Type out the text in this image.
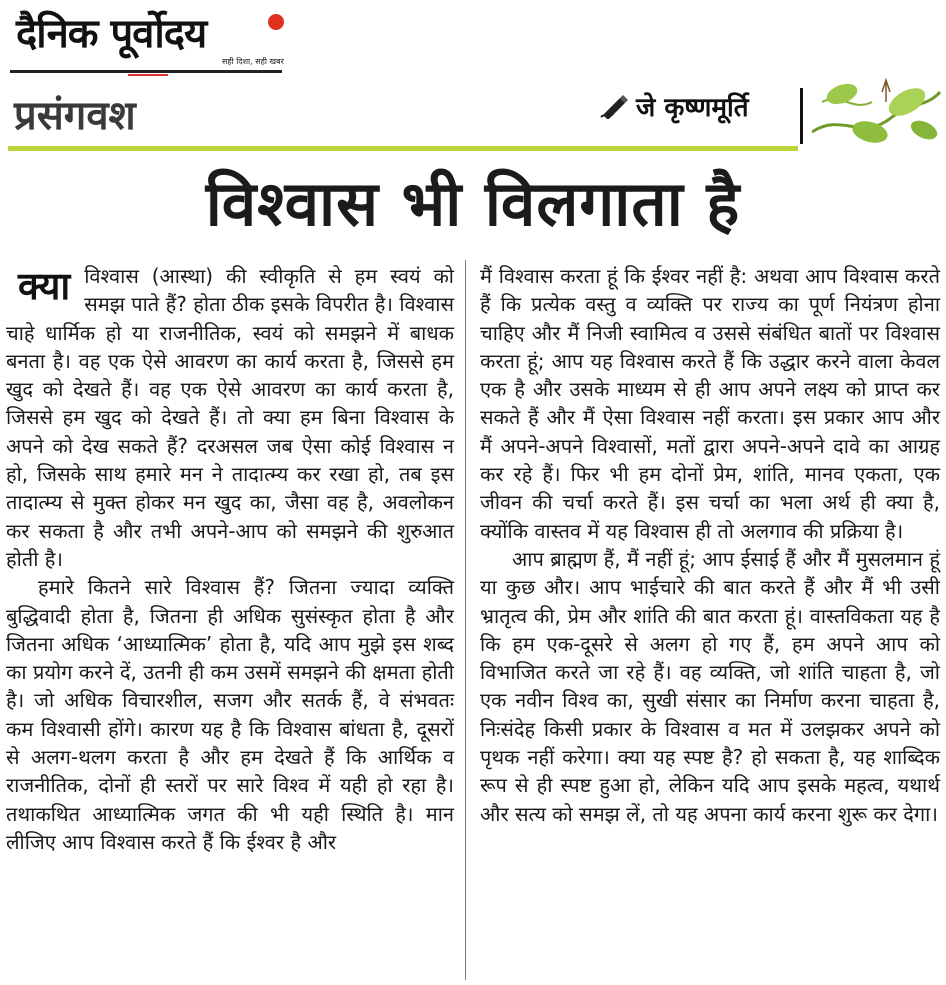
दैनिक पूर्वोदय
सही दिशा, सही खबर
प्रसंगवश	जे कृष्णमूर्ति
विश्वास भी विलगाता है
क्या विश्वास (आस्था) की स्वीकृति से हम स्वयं को समझ पाते हैं? होता ठीक इसके विपरीत है। विश्वास चाहे धार्मिक हो या राजनीतिक, स्वयं को समझने में बाधक बनता है। वह एक ऐसे आवरण का कार्य करता है, जिससे हम खुद को देखते हैं। वह एक ऐसे आवरण का कार्य करता है, जिससे हम खुद को देखते हैं। तो क्या हम बिना विश्वास के अपने को देख सकते हैं? दरअसल जब ऐसा कोई विश्वास न हो, जिसके साथ हमारे मन ने तादात्म्य कर रखा हो, तब इस तादात्म्य से मुक्त होकर मन खुद का, जैसा वह है, अवलोकन कर सकता है और तभी अपने-आप को समझने की शुरुआत होती है।

हमारे कितने सारे विश्वास हैं? जितना ज्यादा व्यक्ति बुद्धिवादी होता है, जितना ही अधिक सुसंस्कृत होता है और जितना अधिक ‘आध्यात्मिक’ होता है, यदि आप मुझे इस शब्द का प्रयोग करने दें, उतनी ही कम उसमें समझने की क्षमता होती है। जो अधिक विचारशील, सजग और सतर्क हैं, वे संभवतः कम विश्वासी होंगे। कारण यह है कि विश्वास बांधता है, दूसरों से अलग-थलग करता है और हम देखते हैं कि आर्थिक व राजनीतिक, दोनों ही स्तरों पर सारे विश्व में यही हो रहा है। तथाकथित आध्यात्मिक जगत की भी यही स्थिति है। मान लीजिए आप विश्वास करते हैं कि ईश्वर है और

मैं विश्वास करता हूं कि ईश्वर नहीं है: अथवा आप विश्वास करते हैं कि प्रत्येक वस्तु व व्यक्ति पर राज्य का पूर्ण नियंत्रण होना चाहिए और मैं निजी स्वामित्व व उससे संबंधित बातों पर विश्वास करता हूं; आप यह विश्वास करते हैं कि उद्धार करने वाला केवल एक है और उसके माध्यम से ही आप अपने लक्ष्य को प्राप्त कर सकते हैं और मैं ऐसा विश्वास नहीं करता। इस प्रकार आप और मैं अपने-अपने विश्वासों, मतों द्वारा अपने-अपने दावे का आग्रह कर रहे हैं। फिर भी हम दोनों प्रेम, शांति, मानव एकता, एक जीवन की चर्चा करते हैं। इस चर्चा का भला अर्थ ही क्या है, क्योंकि वास्तव में यह विश्वास ही तो अलगाव की प्रक्रिया है।

आप ब्राह्मण हैं, मैं नहीं हूं; आप ईसाई हैं और मैं मुसलमान हूं या कुछ और। आप भाईचारे की बात करते हैं और मैं भी उसी भ्रातृत्व की, प्रेम और शांति की बात करता हूं। वास्तविकता यह है कि हम एक-दूसरे से अलग हो गए हैं, हम अपने आप को विभाजित करते जा रहे हैं। वह व्यक्ति, जो शांति चाहता है, जो एक नवीन विश्व का, सुखी संसार का निर्माण करना चाहता है, निःसंदेह किसी प्रकार के विश्वास व मत में उलझकर अपने को पृथक नहीं करेगा। क्या यह स्पष्ट है? हो सकता है, यह शाब्दिक रूप से ही स्पष्ट हुआ हो, लेकिन यदि आप इसके महत्व, यथार्थ और सत्य को समझ लें, तो यह अपना कार्य करना शुरू कर देगा।
